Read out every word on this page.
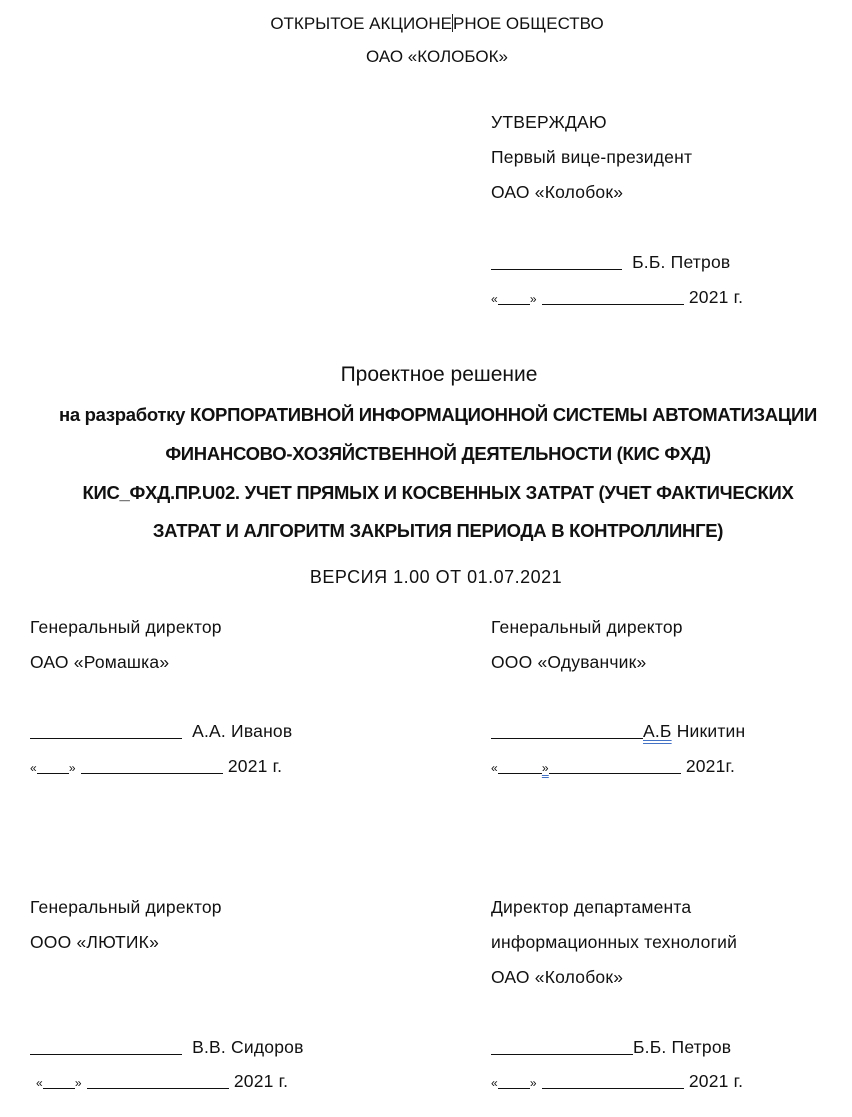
ОТКРЫТОЕ АКЦИОНЕРНОЕ ОБЩЕСТВО
ОАО «КОЛОБОК»
УТВЕРЖДАЮ
Первый вице-президент
ОАО «Колобок»
Б.Б. Петров
«	»	2021 г.
Проектное решение
на разработку КОРПОРАТИВНОЙ ИНФОРМАЦИОННОЙ СИСТЕМЫ АВТОМАТИЗАЦИИ
ФИНАНСОВО-ХОЗЯЙСТВЕННОЙ ДЕЯТЕЛЬНОСТИ (КИС ФХД)
КИС_ФХД.ПР.U02. УЧЕТ ПРЯМЫХ И КОСВЕННЫХ ЗАТРАТ (УЧЕТ ФАКТИЧЕСКИХ
ЗАТРАТ И АЛГОРИТМ ЗАКРЫТИЯ ПЕРИОДА В КОНТРОЛЛИНГЕ)
ВЕРСИЯ 1.00 ОТ 01.07.2021
Генеральный директор
ОАО «Ромашка»
А.А. Иванов
«	»	2021 г.
Генеральный директор
ООО «Одуванчик»
А.Б Никитин
«	»	2021г.
Генеральный директор
ООО «ЛЮТИК»
В.В. Сидоров
«	»	2021 г.
Директор департамента
информационных технологий
ОАО «Колобок»
Б.Б. Петров
«	»	2021 г.
